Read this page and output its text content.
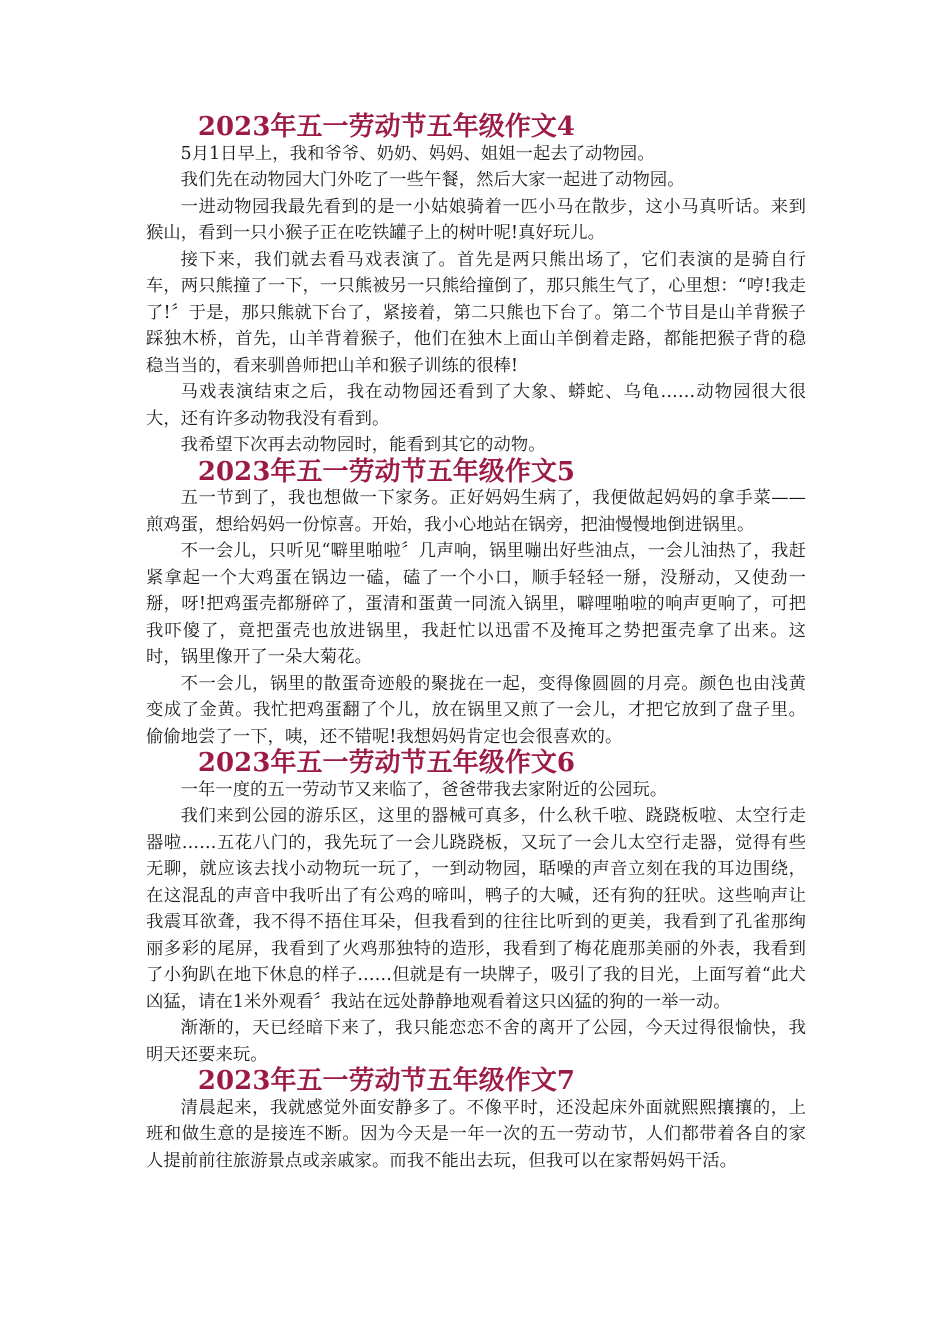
2023年五一劳动节五年级作文4

5月1日早上，我和爷爷、奶奶、妈妈、姐姐一起去了动物园。

我们先在动物园大门外吃了一些午餐，然后大家一起进了动物园。

一进动物园我最先看到的是一小姑娘骑着一匹小马在散步，这小马真听话。来到猴山，看到一只小猴子正在吃铁罐子上的树叶呢!真好玩儿。

接下来，我们就去看马戏表演了。首先是两只熊出场了，它们表演的是骑自行车，两只熊撞了一下，一只熊被另一只熊给撞倒了，那只熊生气了，心里想：“哼!我走了!〞于是，那只熊就下台了，紧接着，第二只熊也下台了。第二个节目是山羊背猴子踩独木桥，首先，山羊背着猴子，他们在独木上面山羊倒着走路，都能把猴子背的稳稳当当的，看来驯兽师把山羊和猴子训练的很棒!

马戏表演结束之后，我在动物园还看到了大象、蟒蛇、乌龟……动物园很大很大，还有许多动物我没有看到。

我希望下次再去动物园时，能看到其它的动物。

2023年五一劳动节五年级作文5

五一节到了，我也想做一下家务。正好妈妈生病了，我便做起妈妈的拿手菜——煎鸡蛋，想给妈妈一份惊喜。开始，我小心地站在锅旁，把油慢慢地倒进锅里。

不一会儿，只听见“噼里啪啦〞几声响，锅里嘣出好些油点，一会儿油热了，我赶紧拿起一个大鸡蛋在锅边一磕，磕了一个小口，顺手轻轻一掰，没掰动，又使劲一掰，呀!把鸡蛋壳都掰碎了，蛋清和蛋黄一同流入锅里，噼哩啪啦的响声更响了，可把我吓傻了，竟把蛋壳也放进锅里，我赶忙以迅雷不及掩耳之势把蛋壳拿了出来。这时，锅里像开了一朵大菊花。

不一会儿，锅里的散蛋奇迹般的聚拢在一起，变得像圆圆的月亮。颜色也由浅黄变成了金黄。我忙把鸡蛋翻了个儿，放在锅里又煎了一会儿，才把它放到了盘子里。偷偷地尝了一下，咦，还不错呢!我想妈妈肯定也会很喜欢的。

2023年五一劳动节五年级作文6

一年一度的五一劳动节又来临了，爸爸带我去家附近的公园玩。

我们来到公园的游乐区，这里的器械可真多，什么秋千啦、跷跷板啦、太空行走器啦……五花八门的，我先玩了一会儿跷跷板，又玩了一会儿太空行走器，觉得有些无聊，就应该去找小动物玩一玩了，一到动物园，聒噪的声音立刻在我的耳边围绕，在这混乱的声音中我听出了有公鸡的啼叫，鸭子的大喊，还有狗的狂吠。这些响声让我震耳欲聋，我不得不捂住耳朵，但我看到的往往比听到的更美，我看到了孔雀那绚丽多彩的尾屏，我看到了火鸡那独特的造形，我看到了梅花鹿那美丽的外表，我看到了小狗趴在地下休息的样子……但就是有一块牌子，吸引了我的目光，上面写着“此犬凶猛，请在1米外观看〞我站在远处静静地观看着这只凶猛的狗的一举一动。

渐渐的，天已经暗下来了，我只能恋恋不舍的离开了公园，今天过得很愉快，我明天还要来玩。

2023年五一劳动节五年级作文7

清晨起来，我就感觉外面安静多了。不像平时，还没起床外面就熙熙攘攘的，上班和做生意的是接连不断。因为今天是一年一次的五一劳动节，人们都带着各自的家人提前前往旅游景点或亲戚家。而我不能出去玩，但我可以在家帮妈妈干活。
